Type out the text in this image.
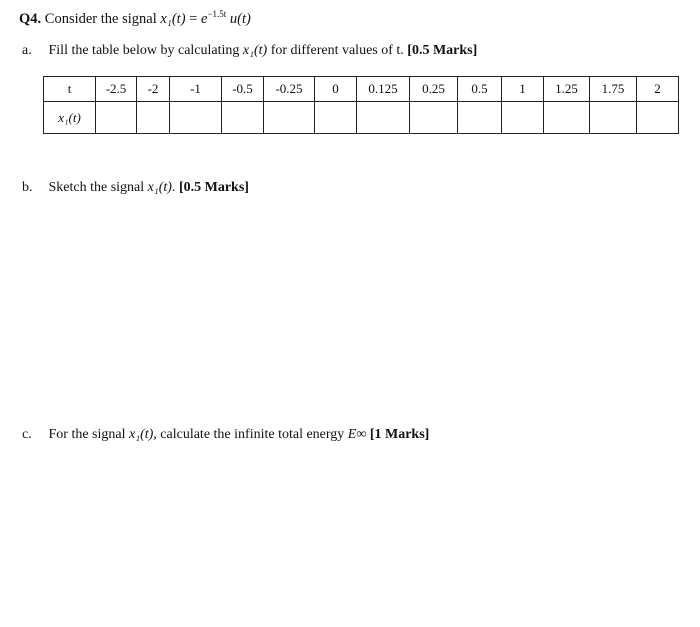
Q4. Consider the signal $x_1(t) = e^{-1.5t}$ u(t)
a. Fill the table below by calculating x₁(t) for different values of t. [0.5 Marks]
t	-2.5	-2	-1	-0.5	-0.25	0	0.125	0.25	0.5	1	1.25	1.75	2
x₁(t)													
b. Sketch the signal x₁(t). [0.5 Marks]
c. For the signal x₁(t), calculate the infinite total energy E∞ [1 Marks]
